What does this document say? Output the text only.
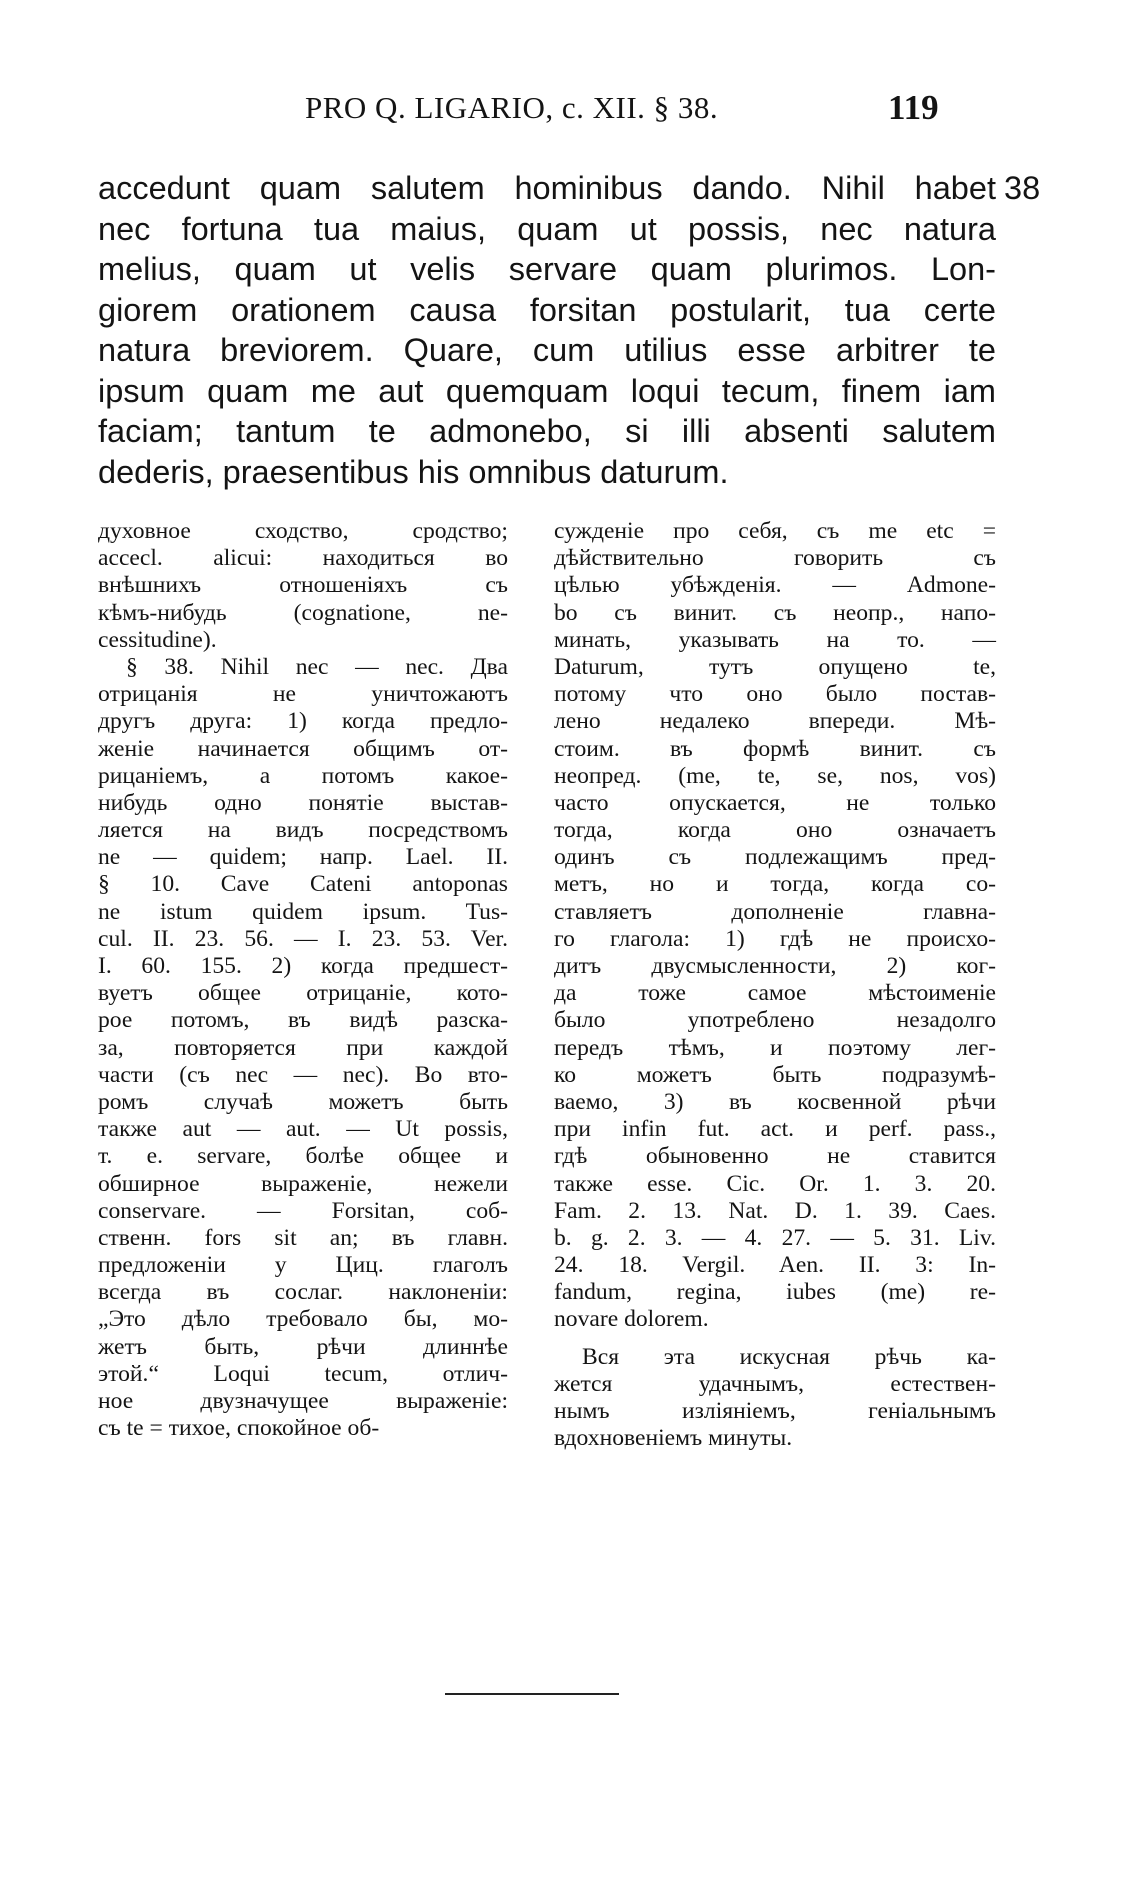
PRO Q. LIGARIO, c. XII. § 38.	119
accedunt quam salutem hominibus dando. Nihil habet
nec fortuna tua maius, quam ut possis, nec natura
melius, quam ut velis servare quam plurimos. Lon-
giorem orationem causa forsitan postularit, tua certe
natura breviorem. Quare, cum utilius esse arbitrer te
ipsum quam me aut quemquam loqui tecum, finem iam
faciam; tantum te admonebo, si illi absenti salutem
dederis, praesentibus his omnibus daturum.
38
духовное сходство, сродство;
accecl. alicui: находиться во
внѣшнихъ отношеніяхъ съ
кѣмъ-нибудь (cognatione, ne-
cessitudine).
§ 38. Nihil nec — nec. Два
отрицанія не уничтожаютъ
другъ друга: 1) когда предло-
женіе начинается общимъ от-
рицаніемъ, а потомъ какое-
нибудь одно понятіе выстав-
ляется на видъ посредствомъ
ne — quidem; напр. Lael. II.
§ 10. Cave Cateni antoponas
ne istum quidem ipsum. Tus-
cul. II. 23. 56. — I. 23. 53. Ver.
I. 60. 155. 2) когда предшест-
вуетъ общее отрицаніе, кото-
рое потомъ, въ видѣ разска-
за, повторяется при каждой
части (съ nec — nec). Во вто-
ромъ случаѣ можетъ быть
также aut — aut. — Ut possis,
т. е. servare, болѣе общее и
обширное выраженіе, нежели
conservare. — Forsitan, соб-
ственн. fors sit an; въ главн.
предложеніи у Циц. глаголъ
всегда въ сослаг. наклоненіи:
„Это дѣло требовало бы, мо-
жетъ быть, рѣчи длиннѣе
этой.“ Loqui tecum, отлич-
ное двузначущее выраженіе:
съ te = тихое, спокойное об-
сужденіе про себя, съ me etc =
дѣйствительно говорить съ
цѣлью убѣжденія. — Admone-
bo съ винит. съ неопр., напо-
минать, указывать на то. —
Daturum, тутъ опущено te,
потому что оно было постав-
лено недалеко впереди. Мѣ-
стоим. въ формѣ винит. съ
неопред. (me, te, se, nos, vos)
часто опускается, не только
тогда, когда оно означаетъ
одинъ съ подлежащимъ пред-
метъ, но и тогда, когда со-
ставляетъ дополненіе главна-
го глагола: 1) гдѣ не происхо-
дитъ двусмысленности, 2) ког-
да тоже самое мѣстоименіе
было употреблено незадолго
передъ тѣмъ, и поэтому лег-
ко можетъ быть подразумѣ-
ваемо, 3) въ косвенной рѣчи
при infin fut. act. и perf. pass.,
гдѣ обыновенно не ставится
также esse. Cic. Or. 1. 3. 20.
Fam. 2. 13. Nat. D. 1. 39. Caes.
b. g. 2. 3. — 4. 27. — 5. 31. Liv.
24. 18. Vergil. Aen. II. 3: In-
fandum, regina, iubes (me) re-
novare dolorem.
Вся эта искусная рѣчь ка-
жется удачнымъ, естествен-
нымъ изліяніемъ, геніальнымъ
вдохновеніемъ минуты.
